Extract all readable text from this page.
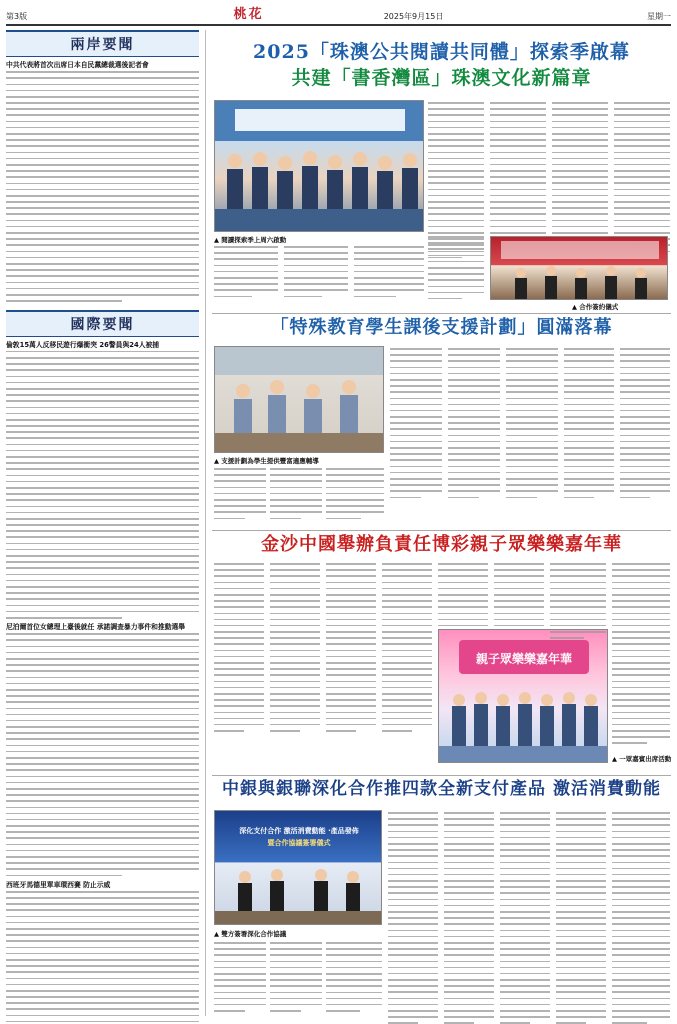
第3版	桃花	2025年9月15日	星期一
兩岸要聞
中共代表將首次出席日本自民黨總裁選後記者會
國際要聞
倫敦15萬人反移民遊行爆衝突 26警員與24人被捕
尼泊爾首位女總理上臺後就任 承諾調查暴力事件和推動選舉
西班牙馬德里單車環西賽 防止示威
2025「珠澳公共閱讀共同體」探索季啟幕
共建「書香灣區」珠澳文化新篇章
▲ 閱讀探索季上周六啟動
▲ 合作簽約儀式
「特殊教育學生課後支援計劃」圓滿落幕
▲ 支援計劃為學生提供豐富適應輔導
金沙中國舉辦負責任博彩親子眾樂樂嘉年華
親子眾樂樂嘉年華
▲ 一眾嘉賓出席活動
中銀與銀聯深化合作推四款全新支付產品 激活消費動能
深化支付合作 激活消費動能 ·產品發佈
暨合作協議簽署儀式
▲ 雙方簽署深化合作協議
